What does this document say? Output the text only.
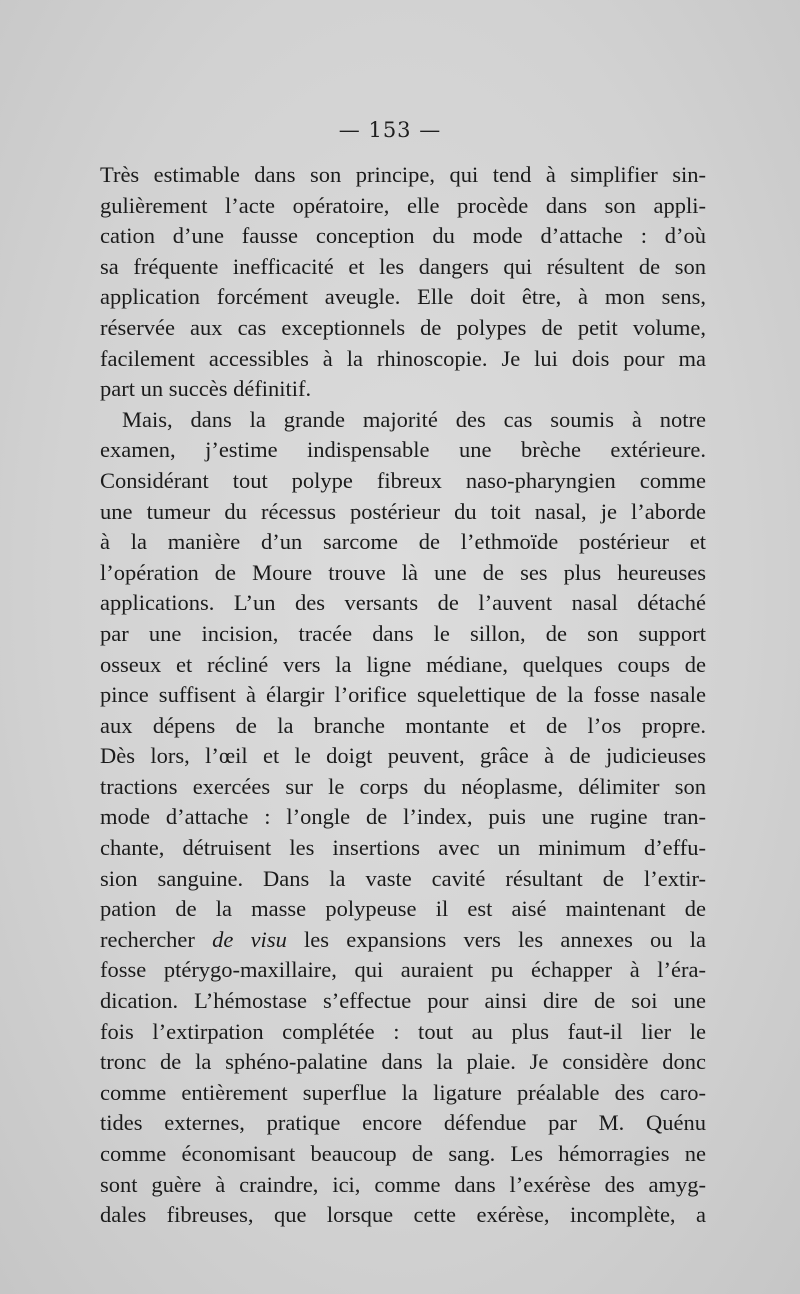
— 153 —
Très estimable dans son principe, qui tend à simplifier sin-
gulièrement l’acte opératoire, elle procède dans son appli-
cation d’une fausse conception du mode d’attache : d’où
sa fréquente inefficacité et les dangers qui résultent de son
application forcément aveugle. Elle doit être, à mon sens,
réservée aux cas exceptionnels de polypes de petit volume,
facilement accessibles à la rhinoscopie. Je lui dois pour ma
part un succès définitif.
Mais, dans la grande majorité des cas soumis à notre
examen, j’estime indispensable une brèche extérieure.
Considérant tout polype fibreux naso-pharyngien comme
une tumeur du récessus postérieur du toit nasal, je l’aborde
à la manière d’un sarcome de l’ethmoïde postérieur et
l’opération de Moure trouve là une de ses plus heureuses
applications. L’un des versants de l’auvent nasal détaché
par une incision, tracée dans le sillon, de son support
osseux et récliné vers la ligne médiane, quelques coups de
pince suffisent à élargir l’orifice squelettique de la fosse nasale
aux dépens de la branche montante et de l’os propre.
Dès lors, l’œil et le doigt peuvent, grâce à de judicieuses
tractions exercées sur le corps du néoplasme, délimiter son
mode d’attache : l’ongle de l’index, puis une rugine tran-
chante, détruisent les insertions avec un minimum d’effu-
sion sanguine. Dans la vaste cavité résultant de l’extir-
pation de la masse polypeuse il est aisé maintenant de
rechercher de visu les expansions vers les annexes ou la
fosse ptérygo-maxillaire, qui auraient pu échapper à l’éra-
dication. L’hémostase s’effectue pour ainsi dire de soi une
fois l’extirpation complétée : tout au plus faut-il lier le
tronc de la sphéno-palatine dans la plaie. Je considère donc
comme entièrement superflue la ligature préalable des caro-
tides externes, pratique encore défendue par M. Quénu
comme économisant beaucoup de sang. Les hémorragies ne
sont guère à craindre, ici, comme dans l’exérèse des amyg-
dales fibreuses, que lorsque cette exérèse, incomplète, a
